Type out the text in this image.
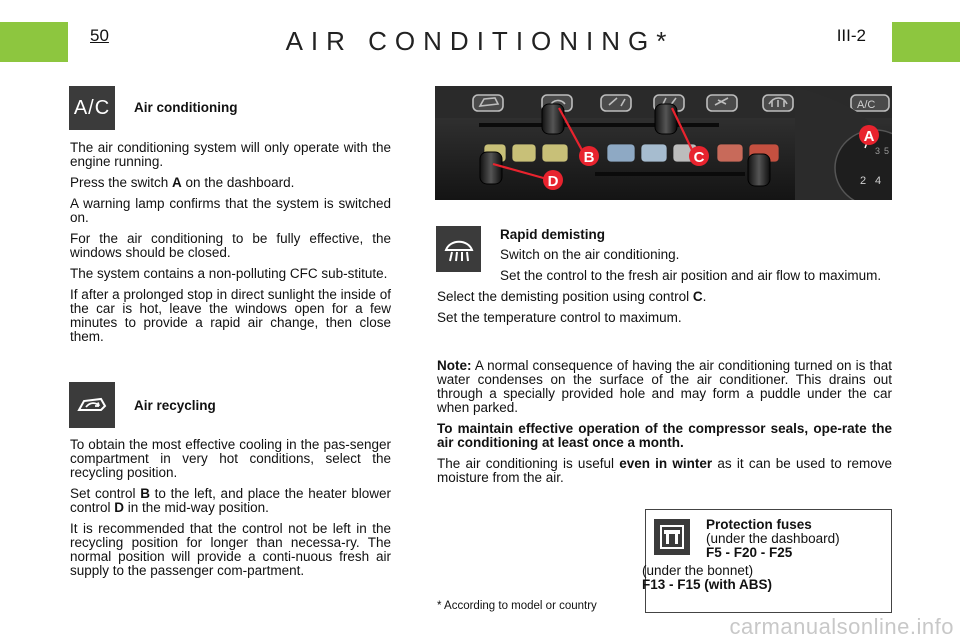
50	AIR CONDITIONING*	III-2
A/C Air conditioning

The air conditioning system will only operate with the engine running.

Press the switch A on the dashboard.

A warning lamp confirms that the system is switched on.

For the air conditioning to be fully effective, the windows should be closed.

The system contains a non-polluting CFC sub-stitute.

If after a prolonged stop in direct sunlight the inside of the car is hot, leave the windows open for a few minutes to provide a rapid air change, then close them.

Air recycling

To obtain the most effective cooling in the pas-senger compartment in very hot conditions, select the recycling position.

Set control B to the left, and place the heater blower control D in the mid-way position.

It is recommended that the control not be left in the recycling position for longer than necessa-ry. The normal position will provide a conti-nuous fresh air supply to the passenger com-partment.

A/C
2 4
3 5
A
B	C
D
Rapid demisting

Switch on the air conditioning.

Set the control to the fresh air position and air flow to maximum.

Select the demisting position using control C.

Set the temperature control to maximum.

Note: A normal consequence of having the air conditioning turned on is that water condenses on the surface of the air conditioner. This drains out through a specially provided hole and may form a puddle under the car when parked.

To maintain effective operation of the compressor seals, ope-rate the air conditioning at least once a month.

The air conditioning is useful even in winter as it can be used to remove moisture from the air.

Protection fuses
(under the dashboard)
F5 - F20 - F25
(under the bonnet)
F13 - F15 (with ABS)
* According to model or country
carmanualsonline.info
